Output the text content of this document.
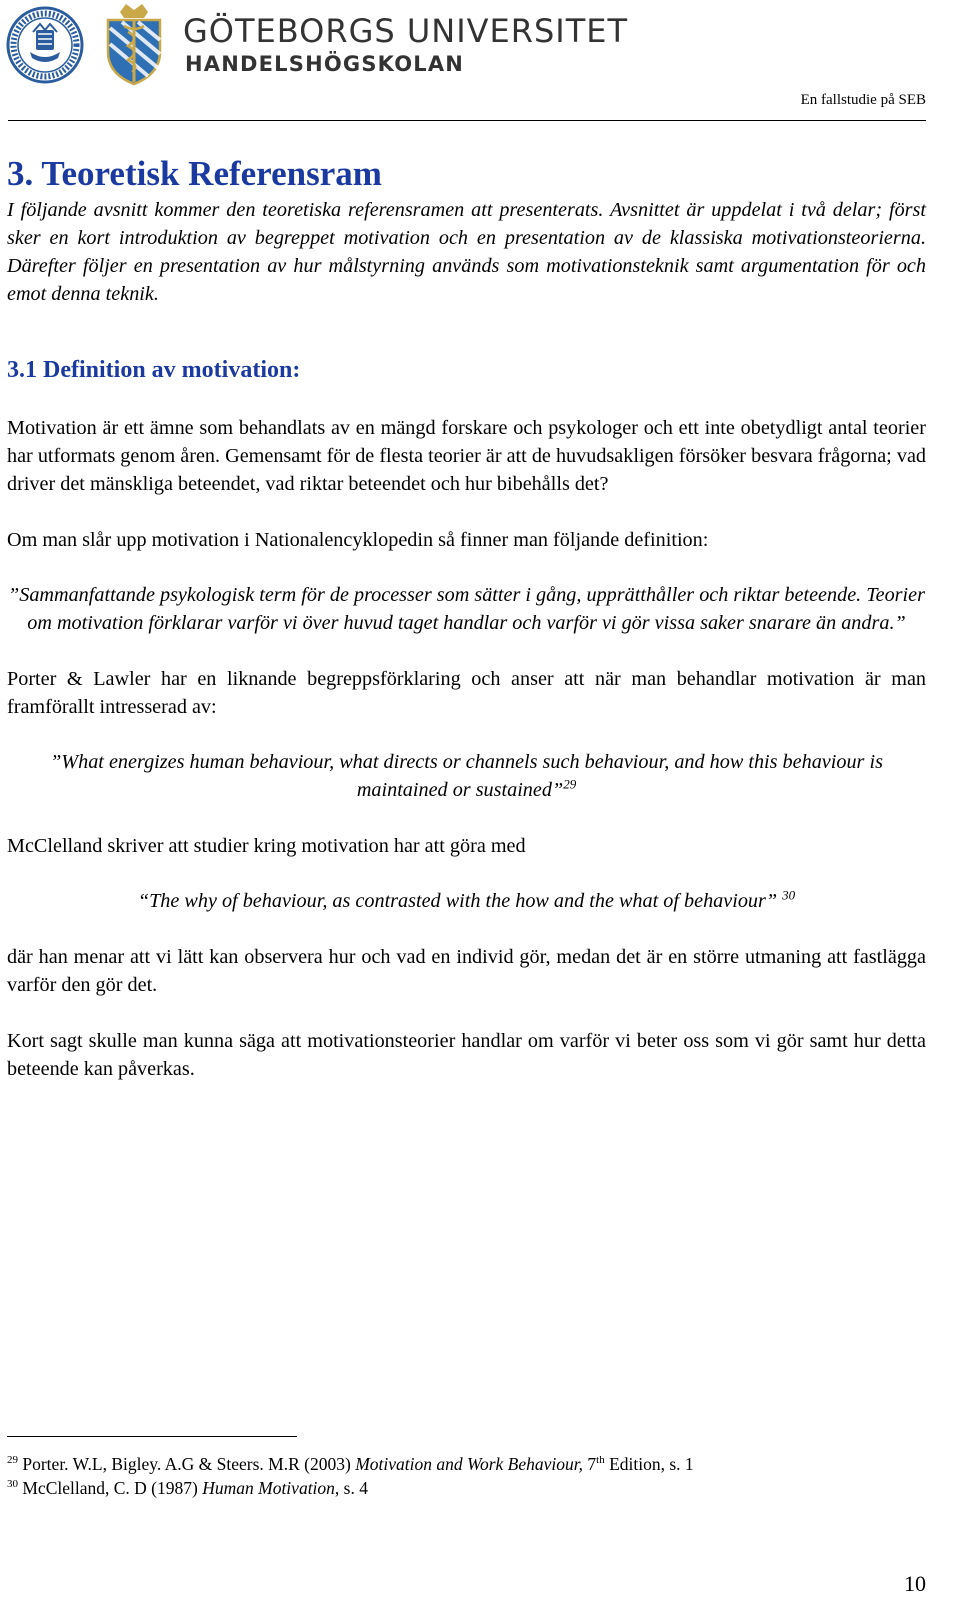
GÖTEBORGS UNIVERSITET
HANDELSHÖGSKOLAN
En fallstudie på SEB
3. Teoretisk Referensram

I följande avsnitt kommer den teoretiska referensramen att presenterats. Avsnittet är uppdelat i två delar; först sker en kort introduktion av begreppet motivation och en presentation av de klassiska motivationsteorierna. Därefter följer en presentation av hur målstyrning används som motivationsteknik samt argumentation för och emot denna teknik.

3.1 Definition av motivation:

Motivation är ett ämne som behandlats av en mängd forskare och psykologer och ett inte obetydligt antal teorier har utformats genom åren. Gemensamt för de flesta teorier är att de huvudsakligen försöker besvara frågorna; vad driver det mänskliga beteendet, vad riktar beteendet och hur bibehålls det?

Om man slår upp motivation i Nationalencyklopedin så finner man följande definition:

”Sammanfattande psykologisk term för de processer som sätter i gång, upprätthåller och riktar beteende. Teorier om motivation förklarar varför vi över huvud taget handlar och varför vi gör vissa saker snarare än andra.”

Porter & Lawler har en liknande begreppsförklaring och anser att när man behandlar motivation är man framförallt intresserad av:

”What energizes human behaviour, what directs or channels such behaviour, and how this behaviour is maintained or sustained”$^{29}$

McClelland skriver att studier kring motivation har att göra med

“The why of behaviour, as contrasted with the how and the what of behaviour” $^{30}$

där han menar att vi lätt kan observera hur och vad en individ gör, medan det är en större utmaning att fastlägga varför den gör det.

Kort sagt skulle man kunna säga att motivationsteorier handlar om varför vi beter oss som vi gör samt hur detta beteende kan påverkas.

$^{29}$ Porter. W.L, Bigley. A.G & Steers. M.R (2003) Motivation and Work Behaviour, 7th Edition, s. 1

$^{30}$ McClelland, C. D (1987) Human Motivation, s. 4

10
